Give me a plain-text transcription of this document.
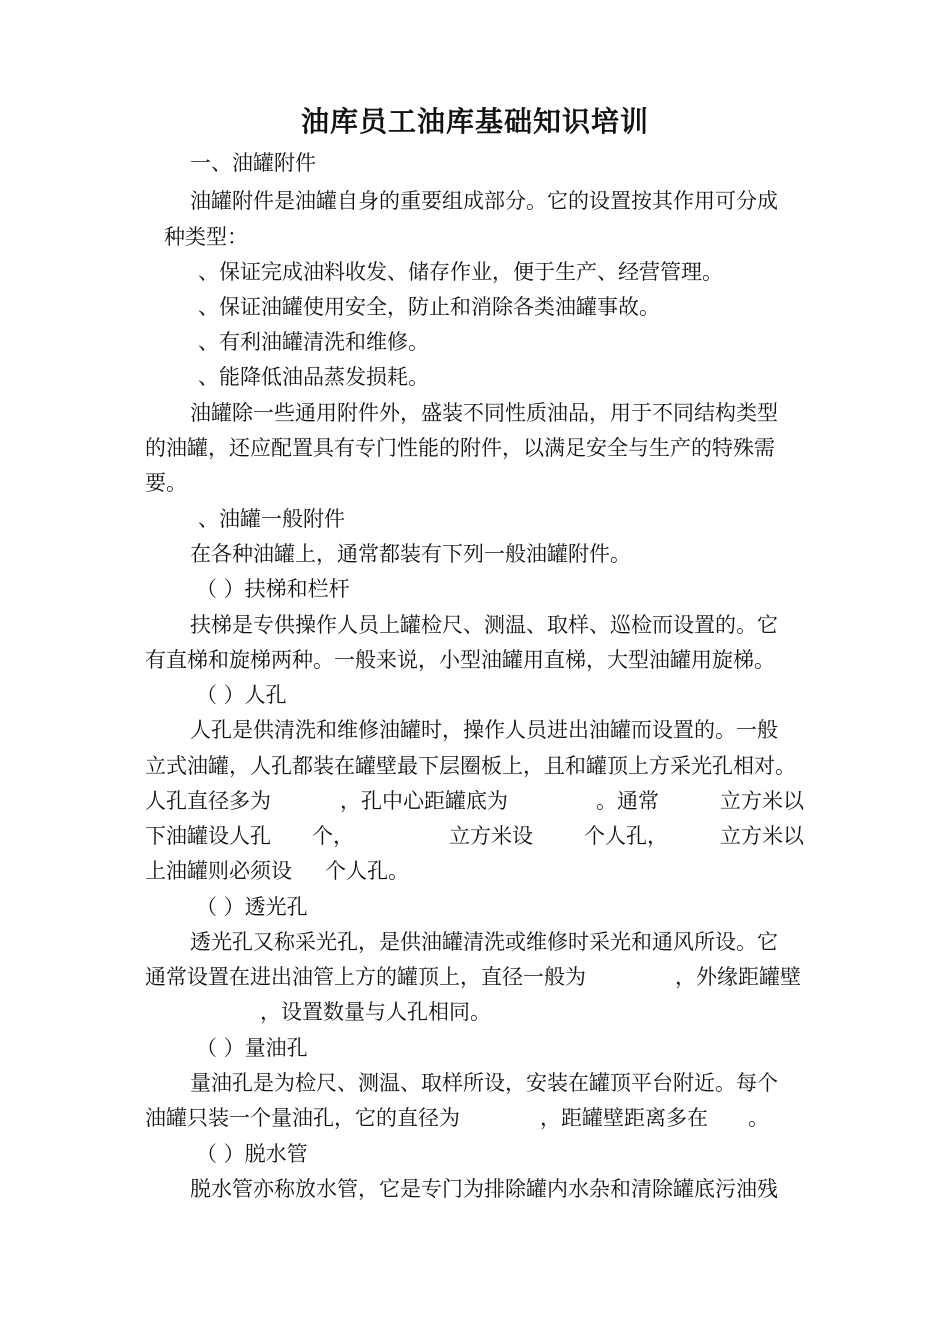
油库员工油库基础知识培训
一、油罐附件
油罐附件是油罐自身的重要组成部分。它的设置按其作用可分成
种类型：
、保证完成油料收发、储存作业，便于生产、经营管理。
、保证油罐使用安全，防止和消除各类油罐事故。
、有利油罐清洗和维修。
、能降低油品蒸发损耗。
油罐除一些通用附件外，盛装不同性质油品，用于不同结构类型
的油罐，还应配置具有专门性能的附件，以满足安全与生产的特殊需
要。
、油罐一般附件
在各种油罐上，通常都装有下列一般油罐附件。
（ ）扶梯和栏杆
扶梯是专供操作人员上罐检尺、测温、取样、巡检而设置的。它
有直梯和旋梯两种。一般来说，小型油罐用直梯，大型油罐用旋梯。
（ ）人孔
人孔是供清洗和维修油罐时，操作人员进出油罐而设置的。一般
立式油罐，人孔都装在罐壁最下层圈板上，且和罐顶上方采光孔相对。
人孔直径多为	，孔中心距罐底为	。通常	立方米以
下油罐设人孔 个，	立方米设 个人孔， 立方米以
上油罐则必须设 个人孔。
（ ）透光孔
透光孔又称采光孔，是供油罐清洗或维修时采光和通风所设。它
通常设置在进出油管上方的罐顶上，直径一般为	，外缘距罐壁
，设置数量与人孔相同。
（ ）量油孔
量油孔是为检尺、测温、取样所设，安装在罐顶平台附近。每个
油罐只装一个量油孔，它的直径为	，距罐壁距离多在 。
（ ）脱水管
脱水管亦称放水管，它是专门为排除罐内水杂和清除罐底污油残
